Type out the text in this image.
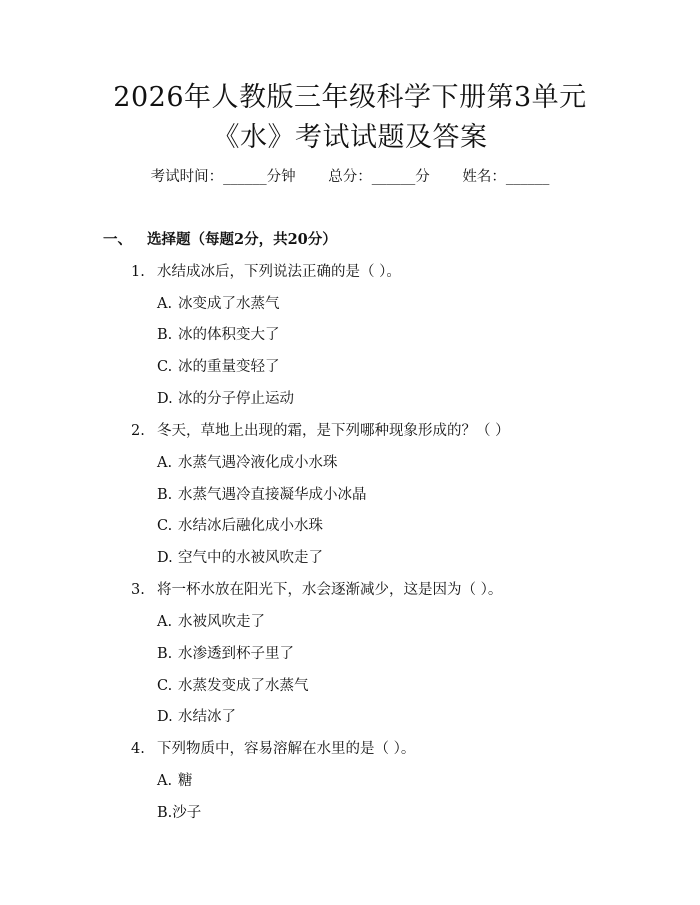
2026年人教版三年级科学下册第3单元
《水》考试试题及答案
考试时间：______分钟 总分：______分 姓名：______
一、 选择题（每题2分，共20分）
1. 水结成冰后，下列说法正确的是（ ）。
A. 冰变成了水蒸气
B. 冰的体积变大了
C. 冰的重量变轻了
D. 冰的分子停止运动
2. 冬天，草地上出现的霜，是下列哪种现象形成的？（ ）
A. 水蒸气遇冷液化成小水珠
B. 水蒸气遇冷直接凝华成小冰晶
C. 水结冰后融化成小水珠
D. 空气中的水被风吹走了
3. 将一杯水放在阳光下，水会逐渐减少，这是因为（ ）。
A. 水被风吹走了
B. 水渗透到杯子里了
C. 水蒸发变成了水蒸气
D. 水结冰了
4. 下列物质中，容易溶解在水里的是（ ）。
A. 糖
B.沙子
